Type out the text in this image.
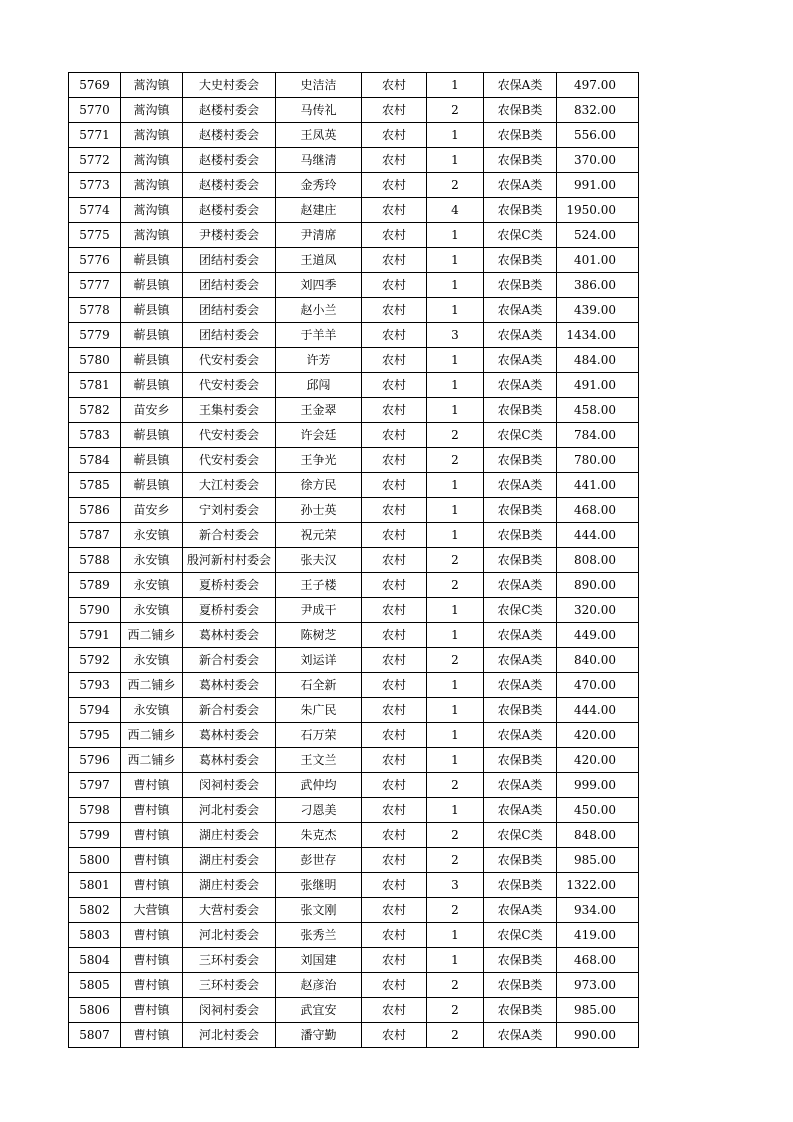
5769	蒿沟镇	大史村委会	史洁洁	农村	1	农保A类	497.00
5770	蒿沟镇	赵楼村委会	马传礼	农村	2	农保B类	832.00
5771	蒿沟镇	赵楼村委会	王凤英	农村	1	农保B类	556.00
5772	蒿沟镇	赵楼村委会	马继清	农村	1	农保B类	370.00
5773	蒿沟镇	赵楼村委会	金秀玲	农村	2	农保A类	991.00
5774	蒿沟镇	赵楼村委会	赵建庄	农村	4	农保B类	1950.00
5775	蒿沟镇	尹楼村委会	尹清席	农村	1	农保C类	524.00
5776	蕲县镇	团结村委会	王道凤	农村	1	农保B类	401.00
5777	蕲县镇	团结村委会	刘四季	农村	1	农保B类	386.00
5778	蕲县镇	团结村委会	赵小兰	农村	1	农保A类	439.00
5779	蕲县镇	团结村委会	于羊羊	农村	3	农保A类	1434.00
5780	蕲县镇	代安村委会	许芳	农村	1	农保A类	484.00
5781	蕲县镇	代安村委会	邱闯	农村	1	农保A类	491.00
5782	苗安乡	王集村委会	王金翠	农村	1	农保B类	458.00
5783	蕲县镇	代安村委会	许会廷	农村	2	农保C类	784.00
5784	蕲县镇	代安村委会	王争光	农村	2	农保B类	780.00
5785	蕲县镇	大江村委会	徐方民	农村	1	农保A类	441.00
5786	苗安乡	宁刘村委会	孙士英	农村	1	农保B类	468.00
5787	永安镇	新合村委会	祝元荣	农村	1	农保B类	444.00
5788	永安镇	殷河新村村委会	张夫汉	农村	2	农保B类	808.00
5789	永安镇	夏桥村委会	王子楼	农村	2	农保A类	890.00
5790	永安镇	夏桥村委会	尹成干	农村	1	农保C类	320.00
5791	西二铺乡	葛林村委会	陈树芝	农村	1	农保A类	449.00
5792	永安镇	新合村委会	刘运详	农村	2	农保A类	840.00
5793	西二铺乡	葛林村委会	石全新	农村	1	农保A类	470.00
5794	永安镇	新合村委会	朱广民	农村	1	农保B类	444.00
5795	西二铺乡	葛林村委会	石万荣	农村	1	农保A类	420.00
5796	西二铺乡	葛林村委会	王文兰	农村	1	农保B类	420.00
5797	曹村镇	闵祠村委会	武仲均	农村	2	农保A类	999.00
5798	曹村镇	河北村委会	刁恩美	农村	1	农保A类	450.00
5799	曹村镇	湖庄村委会	朱克杰	农村	2	农保C类	848.00
5800	曹村镇	湖庄村委会	彭世存	农村	2	农保B类	985.00
5801	曹村镇	湖庄村委会	张继明	农村	3	农保B类	1322.00
5802	大营镇	大营村委会	张文刚	农村	2	农保A类	934.00
5803	曹村镇	河北村委会	张秀兰	农村	1	农保C类	419.00
5804	曹村镇	三环村委会	刘国建	农村	1	农保B类	468.00
5805	曹村镇	三环村委会	赵彦治	农村	2	农保B类	973.00
5806	曹村镇	闵祠村委会	武宜安	农村	2	农保B类	985.00
5807	曹村镇	河北村委会	潘守勤	农村	2	农保A类	990.00
